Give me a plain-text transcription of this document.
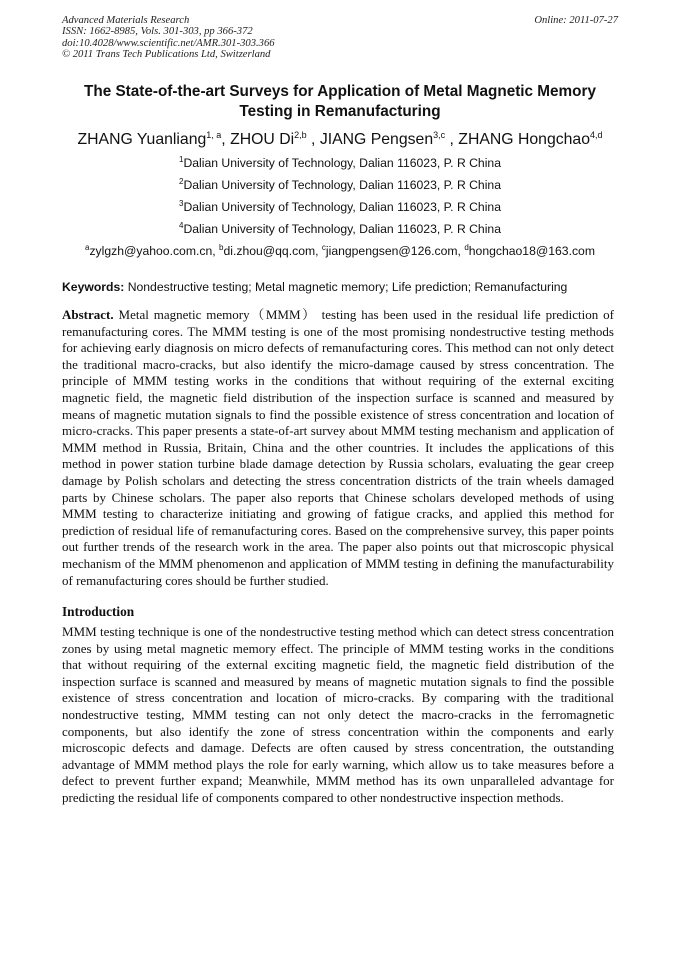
Advanced Materials Research
ISSN: 1662-8985, Vols. 301-303, pp 366-372
doi:10.4028/www.scientific.net/AMR.301-303.366
© 2011 Trans Tech Publications Ltd, Switzerland
Online: 2011-07-27
The State-of-the-art Surveys for Application of Metal Magnetic Memory
Testing in Remanufacturing
ZHANG Yuanliang$^{1, a}$, ZHOU Di$^{2,b}$ , JIANG Pengsen$^{3,c}$ , ZHANG Hongchao$^{4,d}$
$^1$Dalian University of Technology, Dalian 116023, P. R China
$^2$Dalian University of Technology, Dalian 116023, P. R China
$^3$Dalian University of Technology, Dalian 116023, P. R China
$^4$Dalian University of Technology, Dalian 116023, P. R China
$^a$zylgzh@yahoo.com.cn, $^b$di.zhou@qq.com, $^c$jiangpengsen@126.com, $^d$hongchao18@163.com
Keywords: Nondestructive testing; Metal magnetic memory; Life prediction; Remanufacturing
Abstract. Metal magnetic memory（MMM） testing has been used in the residual life prediction of remanufacturing cores. The MMM testing is one of the most promising nondestructive testing methods for achieving early diagnosis on micro defects of remanufacturing cores. This method can not only detect the traditional macro-cracks, but also identify the micro-damage caused by stress concentration. The principle of MMM testing works in the conditions that without requiring of the external exciting magnetic field, the magnetic field distribution of the inspection surface is scanned and measured by means of magnetic mutation signals to find the possible existence of stress concentration and location of micro-cracks. This paper presents a state-of-art survey about MMM testing mechanism and application of MMM method in Russia, Britain, China and the other countries. It includes the applications of this method in power station turbine blade damage detection by Russia scholars, evaluating the gear creep damage by Polish scholars and detecting the stress concentration districts of the train wheels damaged parts by Chinese scholars. The paper also reports that Chinese scholars developed methods of using MMM testing to characterize initiating and growing of fatigue cracks, and applied this method for prediction of residual life of remanufacturing cores. Based on the comprehensive survey, this paper points out further trends of the research work in the area. The paper also points out that microscopic physical mechanism of the MMM phenomenon and application of MMM testing in defining the manufacturability of remanufacturing cores should be further studied.
Introduction
MMM testing technique is one of the nondestructive testing method which can detect stress concentration zones by using metal magnetic memory effect. The principle of MMM testing works in the conditions that without requiring of the external exciting magnetic field, the magnetic field distribution of the inspection surface is scanned and measured by means of magnetic mutation signals to find the possible existence of stress concentration and location of micro-cracks. By comparing with the traditional nondestructive testing, MMM testing can not only detect the macro-cracks in the ferromagnetic components, but also identify the zone of stress concentration within the components and early microscopic defects and damage. Defects are often caused by stress concentration, the outstanding advantage of MMM method plays the role for early warning, which allow us to take measures before a defect to prevent further expand; Meanwhile, MMM method has its own unparalleled advantage for predicting the residual life of components compared to other nondestructive inspection methods.
